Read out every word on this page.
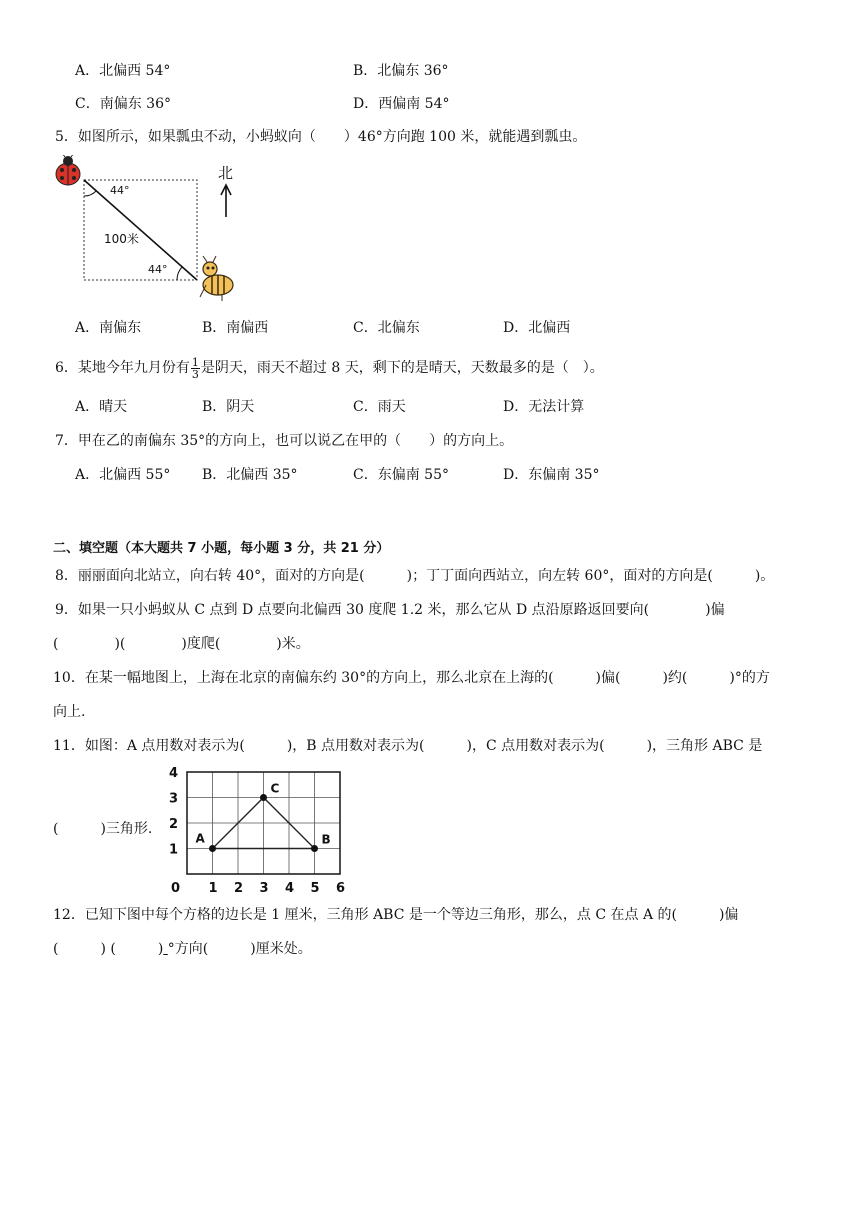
A．北偏西 54°	B．北偏东 36°
C．南偏东 36°	D．西偏南 54°
5．如图所示，如果瓢虫不动，小蚂蚁向（　　）46°方向跑 100 米，就能遇到瓢虫。
44°
44°
100米
北
A．南偏东	B．南偏西	C．北偏东	D．北偏西
6．某地今年九月份有 $\frac{1}{3}$ 是阴天，雨天不超过 8 天，剩下的是晴天，天数最多的是（　）。
A．晴天	B．阴天	C．雨天	D．无法计算
7．甲在乙的南偏东 35°的方向上，也可以说乙在甲的（　　）的方向上。
A．北偏西 55° B．北偏西 35°	C．东偏南 55°	D．东偏南 35°
二、填空题（本大题共 7 小题，每小题 3 分，共 21 分）
8．丽丽面向北站立，向右转 40°，面对的方向是(　　　)；丁丁面向西站立，向左转 60°，面对的方向是(　　　)。
9．如果一只小蚂蚁从 C 点到 D 点要向北偏西 30 度爬 1.2 米，那么它从 D 点沿原路返回要向(　　　　)偏
(　　　　)(　　　　)度爬(　　　　)米。
10．在某一幅地图上，上海在北京的南偏东约 30°的方向上，那么北京在上海的(　　　)偏(　　　)约(　　　)°的方
向上.
11．如图：A 点用数对表示为(　　　)，B 点用数对表示为(　　　)，C 点用数对表示为(　　　)，三角形 ABC 是
(　　　)三角形.
0 1 2 3 4 5 6
1
2
3
4
A	B
C
12．已知下图中每个方格的边长是 1 厘米，三角形 ABC 是一个等边三角形，那么，点 C 在点 A 的(　　　)偏
(　　　) (　　　) °方向(　　　)厘米处。
